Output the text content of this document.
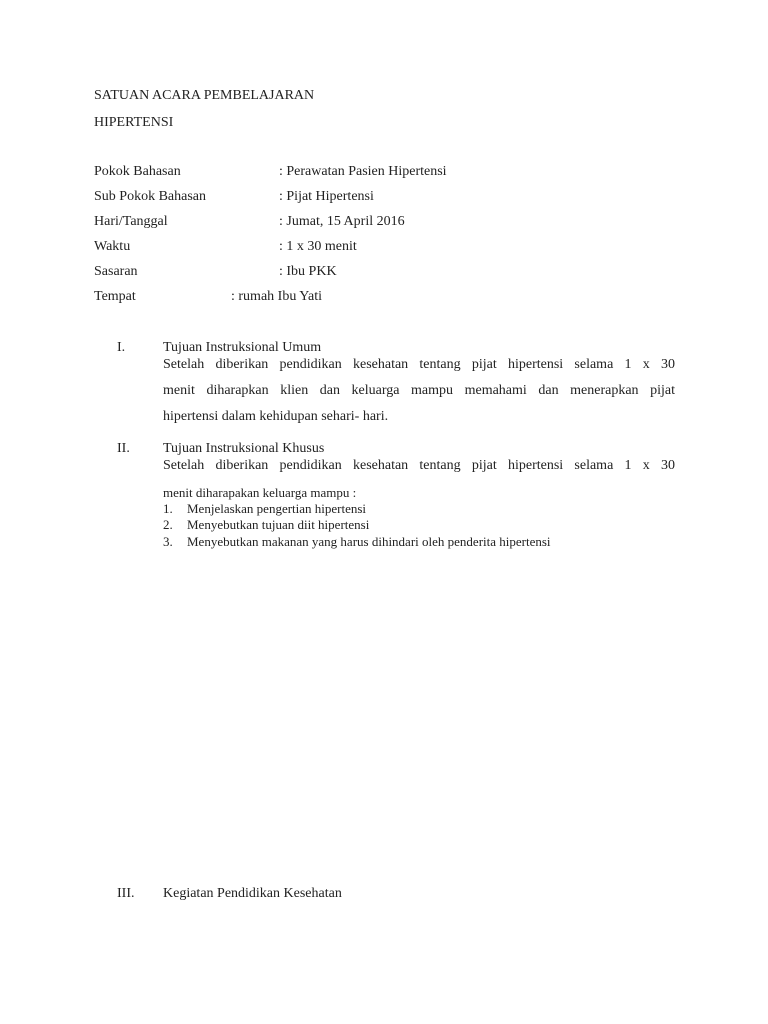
SATUAN ACARA PEMBELAJARAN
HIPERTENSI
Pokok Bahasan	: Perawatan Pasien Hipertensi
Sub Pokok Bahasan	: Pijat Hipertensi
Hari/Tanggal	: Jumat, 15 April 2016
Waktu	: 1 x 30 menit
Sasaran	: Ibu PKK
Tempat	: rumah Ibu Yati
I.	Tujuan Instruksional Umum
Setelah diberikan pendidikan kesehatan tentang pijat hipertensi selama 1 x 30
menit diharapkan klien dan keluarga mampu memahami dan menerapkan pijat
hipertensi dalam kehidupan sehari- hari.
II. Tujuan Instruksional Khusus
Setelah diberikan pendidikan kesehatan tentang pijat hipertensi selama 1 x 30
menit diharapakan keluarga mampu :
1. Menjelaskan pengertian hipertensi
2. Menyebutkan tujuan diit hipertensi
3. Menyebutkan makanan yang harus dihindari oleh penderita hipertensi
III. Kegiatan Pendidikan Kesehatan
